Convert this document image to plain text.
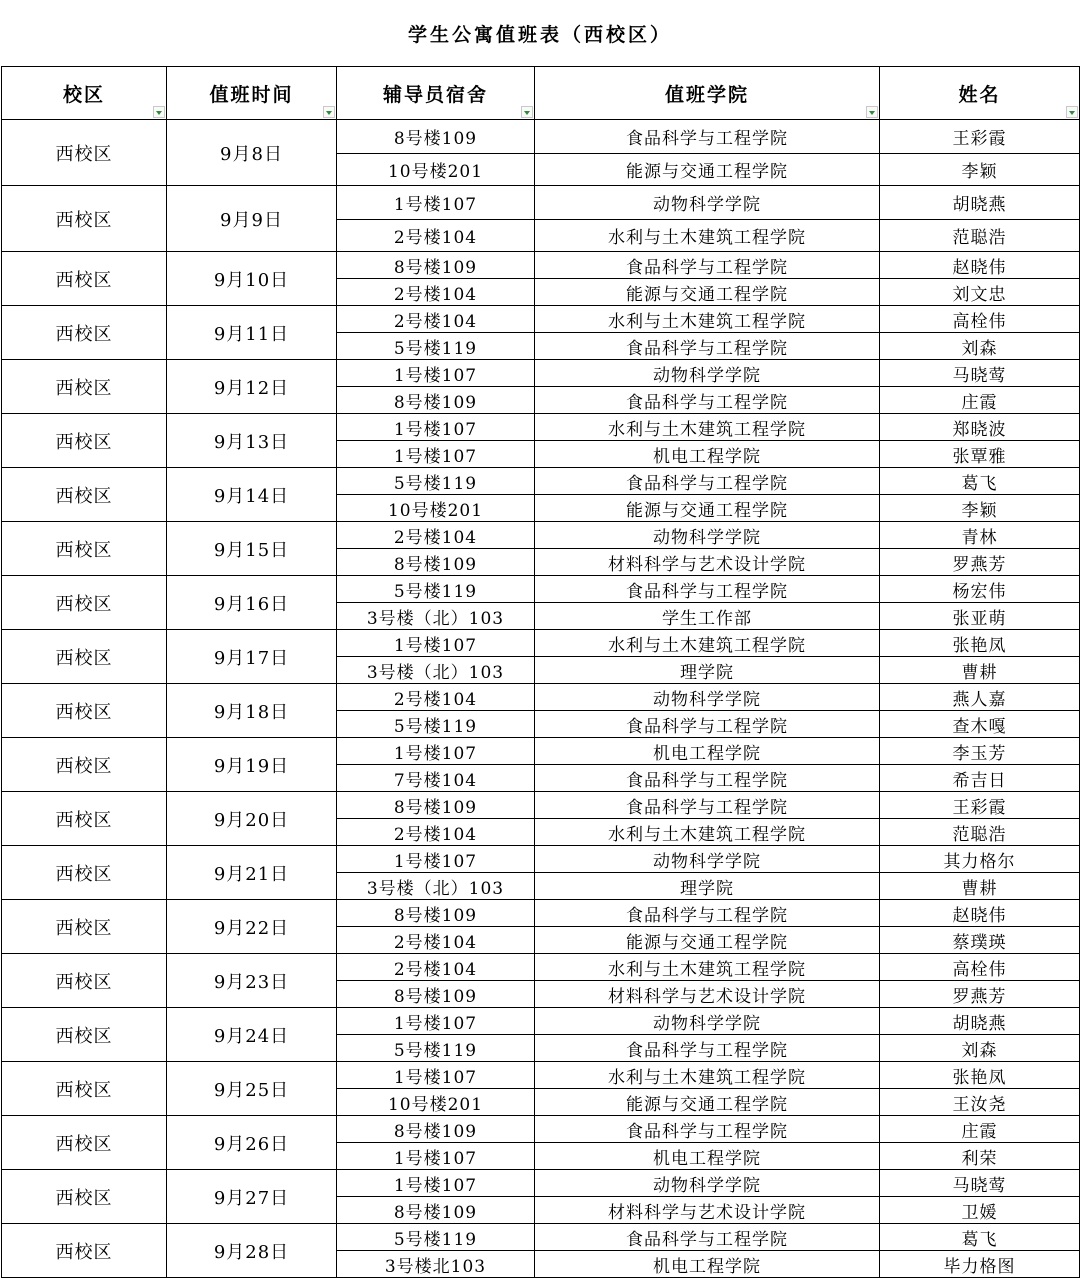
学生公寓值班表（西校区）
校区	值班时间	辅导员宿舍	值班学院	姓名

西校区	9月8日	8号楼109	食品科学与工程学院	王彩霞
		10号楼201	能源与交通工程学院	李颖
西校区	9月9日	1号楼107	动物科学学院	胡晓燕
		2号楼104	水利与土木建筑工程学院	范聪浩
西校区	9月10日	8号楼109	食品科学与工程学院	赵晓伟
		2号楼104	能源与交通工程学院	刘文忠
西校区	9月11日	2号楼104	水利与土木建筑工程学院	高栓伟
		5号楼119	食品科学与工程学院	刘森
西校区	9月12日	1号楼107	动物科学学院	马晓莺
		8号楼109	食品科学与工程学院	庄霞
西校区	9月13日	1号楼107	水利与土木建筑工程学院	郑晓波
		1号楼107	机电工程学院	张覃雅
西校区	9月14日	5号楼119	食品科学与工程学院	葛飞
		10号楼201	能源与交通工程学院	李颖
西校区	9月15日	2号楼104	动物科学学院	青林
		8号楼109	材料科学与艺术设计学院	罗燕芳
西校区	9月16日	5号楼119	食品科学与工程学院	杨宏伟
		3号楼（北）103	学生工作部	张亚萌
西校区	9月17日	1号楼107	水利与土木建筑工程学院	张艳凤
		3号楼（北）103	理学院	曹耕
西校区	9月18日	2号楼104	动物科学学院	燕人嘉
		5号楼119	食品科学与工程学院	查木嘎
西校区	9月19日	1号楼107	机电工程学院	李玉芳
		7号楼104	食品科学与工程学院	希吉日
西校区	9月20日	8号楼109	食品科学与工程学院	王彩霞
		2号楼104	水利与土木建筑工程学院	范聪浩
西校区	9月21日	1号楼107	动物科学学院	其力格尔
		3号楼（北）103	理学院	曹耕
西校区	9月22日	8号楼109	食品科学与工程学院	赵晓伟
		2号楼104	能源与交通工程学院	蔡璞瑛
西校区	9月23日	2号楼104	水利与土木建筑工程学院	高栓伟
		8号楼109	材料科学与艺术设计学院	罗燕芳
西校区	9月24日	1号楼107	动物科学学院	胡晓燕
		5号楼119	食品科学与工程学院	刘森
西校区	9月25日	1号楼107	水利与土木建筑工程学院	张艳凤
		10号楼201	能源与交通工程学院	王汝尧
西校区	9月26日	8号楼109	食品科学与工程学院	庄霞
		1号楼107	机电工程学院	利荣
西校区	9月27日	1号楼107	动物科学学院	马晓莺
		8号楼109	材料科学与艺术设计学院	卫媛
西校区	9月28日	5号楼119	食品科学与工程学院	葛飞
		3号楼北103	机电工程学院	毕力格图
